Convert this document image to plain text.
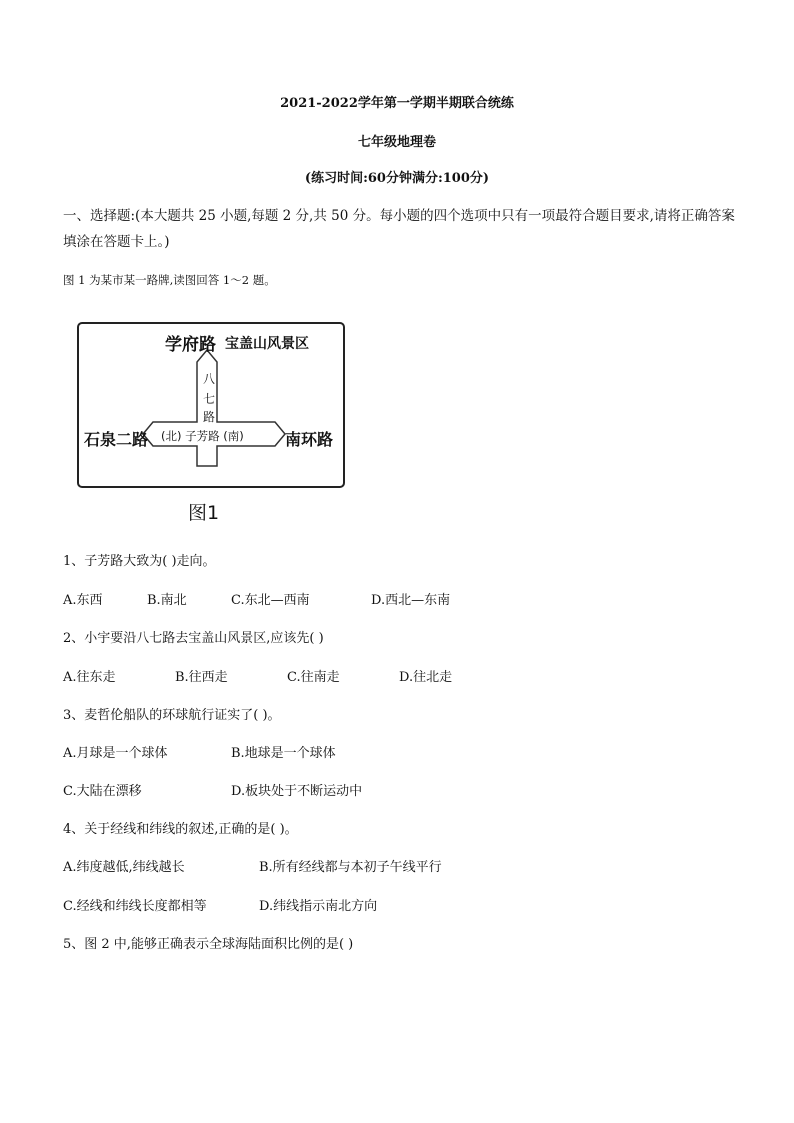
2021-2022学年第一学期半期联合统练
七年级地理卷
(练习时间:60分钟满分:100分)
一、选择题:(本大题共 25 小题,每题 2 分,共 50 分。每小题的四个选项中只有一项最符合题目要求,请将正确答案填涂在答题卡上。)
图 1 为某市某一路牌,读图回答 1～2 题。
学府路 宝盖山风景区
八
七
路
石泉二路 (北) 子芳路 (南)	南环路
图1
1、子芳路大致为( )走向。
A.东西	B.南北	C.东北—西南	D.西北—东南
2、小宇要沿八七路去宝盖山风景区,应该先( )
A.往东走	B.往西走	C.往南走	D.往北走
3、麦哲伦船队的环球航行证实了( )。
A.月球是一个球体	B.地球是一个球体
C.大陆在漂移	D.板块处于不断运动中
4、关于经线和纬线的叙述,正确的是( )。
A.纬度越低,纬线越长	B.所有经线都与本初子午线平行
C.经线和纬线长度都相等	D.纬线指示南北方向
5、图 2 中,能够正确表示全球海陆面积比例的是( )
